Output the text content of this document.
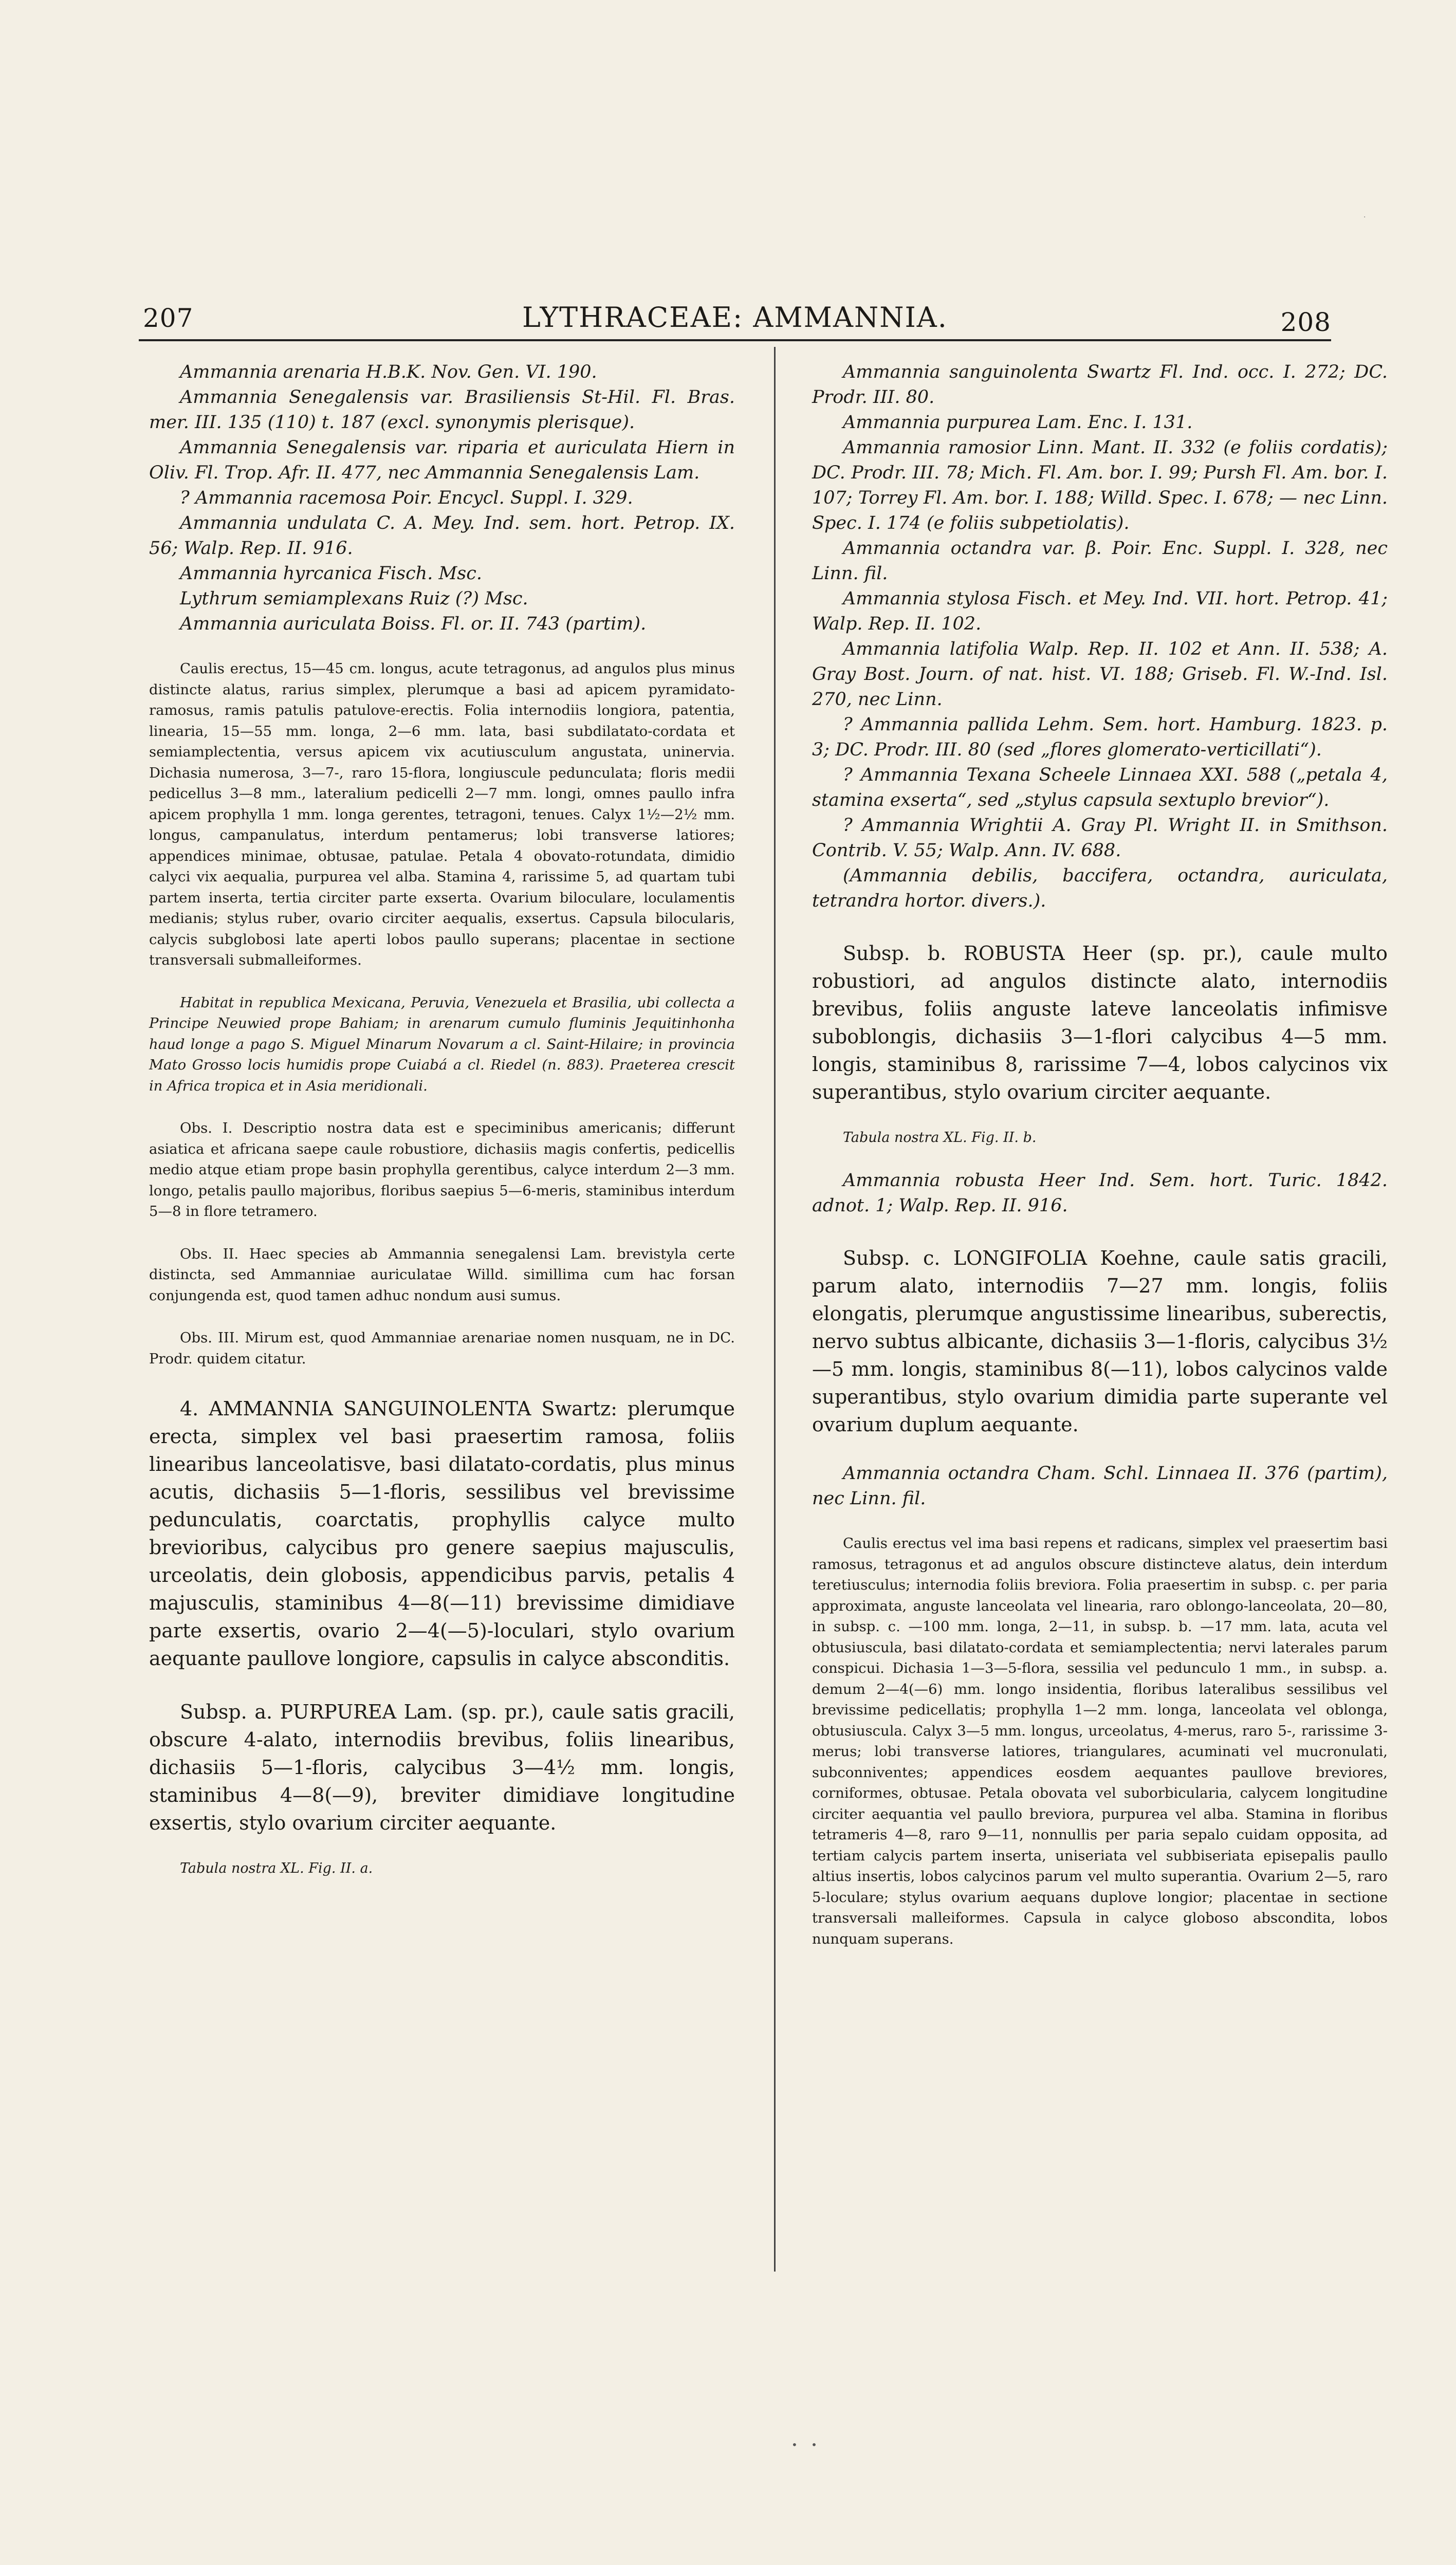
·
207	LYTHRACEAE: AMMANNIA.	208

Ammannia arenaria H.B.K. Nov. Gen. VI. 190.

Ammannia Senegalensis var. Brasiliensis St-Hil. Fl. Bras. mer. III. 135 (110) t. 187 (excl. synonymis plerisque).

Ammannia Senegalensis var. riparia et auriculata Hiern in Oliv. Fl. Trop. Afr. II. 477, nec Ammannia Senegalensis Lam.

? Ammannia racemosa Poir. Encycl. Suppl. I. 329.

Ammannia undulata C. A. Mey. Ind. sem. hort. Petrop. IX. 56; Walp. Rep. II. 916.

Ammannia hyrcanica Fisch. Msc.

Lythrum semiamplexans Ruiz (?) Msc.

Ammannia auriculata Boiss. Fl. or. II. 743 (partim).

Caulis erectus, 15—45 cm. longus, acute tetragonus, ad angulos plus minus distincte alatus, rarius simplex, plerumque a basi ad apicem pyramidato-ramosus, ramis patulis patulove-erectis. Folia internodiis longiora, patentia, linearia, 15—55 mm. longa, 2—6 mm. lata, basi subdilatato-cordata et semiamplectentia, versus apicem vix acutiusculum angustata, uninervia. Dichasia numerosa, 3—7-, raro 15-flora, longiuscule pedunculata; floris medii pedicellus 3—8 mm., lateralium pedicelli 2—7 mm. longi, omnes paullo infra apicem prophylla 1 mm. longa gerentes, tetragoni, tenues. Calyx 1½—2½ mm. longus, campanulatus, interdum pentamerus; lobi transverse latiores; appendices minimae, obtusae, patulae. Petala 4 obovato-rotundata, dimidio calyci vix aequalia, purpurea vel alba. Stamina 4, rarissime 5, ad quartam tubi partem inserta, tertia circiter parte exserta. Ovarium biloculare, loculamentis medianis; stylus ruber, ovario circiter aequalis, exsertus. Capsula bilocularis, calycis subglobosi late aperti lobos paullo superans; placentae in sectione transversali submalleiformes.

Habitat in republica Mexicana, Peruvia, Venezuela et Brasilia, ubi collecta a Principe Neuwied prope Bahiam; in arenarum cumulo fluminis Jequitinhonha haud longe a pago S. Miguel Minarum Novarum a cl. Saint-Hilaire; in provincia Mato Grosso locis humidis prope Cuiabá a cl. Riedel (n. 883). Praeterea crescit in Africa tropica et in Asia meridionali.

Obs. I. Descriptio nostra data est e speciminibus americanis; differunt asiatica et africana saepe caule robustiore, dichasiis magis confertis, pedicellis medio atque etiam prope basin prophylla gerentibus, calyce interdum 2—3 mm. longo, petalis paullo majoribus, floribus saepius 5—6-meris, staminibus interdum 5—8 in flore tetramero.

Obs. II. Haec species ab Ammannia senegalensi Lam. brevistyla certe distincta, sed Ammanniae auriculatae Willd. simillima cum hac forsan conjungenda est, quod tamen adhuc nondum ausi sumus.

Obs. III. Mirum est, quod Ammanniae arenariae nomen nusquam, ne in DC. Prodr. quidem citatur.

4. AMMANNIA SANGUINOLENTA Swartz: plerumque erecta, simplex vel basi praesertim ramosa, foliis linearibus lanceolatisve, basi dilatato-cordatis, plus minus acutis, dichasiis 5—1-floris, sessilibus vel brevissime pedunculatis, coarctatis, prophyllis calyce multo brevioribus, calycibus pro genere saepius majusculis, urceolatis, dein globosis, appendicibus parvis, petalis 4 majusculis, staminibus 4—8(—11) brevissime dimidiave parte exsertis, ovario 2—4(—5)-loculari, stylo ovarium aequante paullove longiore, capsulis in calyce absconditis.

Subsp. a. PURPUREA Lam. (sp. pr.), caule satis gracili, obscure 4-alato, internodiis brevibus, foliis linearibus, dichasiis 5—1-floris, calycibus 3—4½ mm. longis, staminibus 4—8(—9), breviter dimidiave longitudine exsertis, stylo ovarium circiter aequante.

Tabula nostra XL. Fig. II. a.

Ammannia sanguinolenta Swartz Fl. Ind. occ. I. 272; DC. Prodr. III. 80.

Ammannia purpurea Lam. Enc. I. 131.

Ammannia ramosior Linn. Mant. II. 332 (e foliis cordatis); DC. Prodr. III. 78; Mich. Fl. Am. bor. I. 99; Pursh Fl. Am. bor. I. 107; Torrey Fl. Am. bor. I. 188; Willd. Spec. I. 678; — nec Linn. Spec. I. 174 (e foliis subpetiolatis).

Ammannia octandra var. β. Poir. Enc. Suppl. I. 328, nec Linn. fil.

Ammannia stylosa Fisch. et Mey. Ind. VII. hort. Petrop. 41; Walp. Rep. II. 102.

Ammannia latifolia Walp. Rep. II. 102 et Ann. II. 538; A. Gray Bost. Journ. of nat. hist. VI. 188; Griseb. Fl. W.-Ind. Isl. 270, nec Linn.

? Ammannia pallida Lehm. Sem. hort. Hamburg. 1823. p. 3; DC. Prodr. III. 80 (sed „flores glomerato-verticillati“).

? Ammannia Texana Scheele Linnaea XXI. 588 („petala 4, stamina exserta“, sed „stylus capsula sextuplo brevior“).

? Ammannia Wrightii A. Gray Pl. Wright II. in Smithson. Contrib. V. 55; Walp. Ann. IV. 688.

(Ammannia debilis, baccifera, octandra, auriculata, tetrandra hortor. divers.).

Subsp. b. ROBUSTA Heer (sp. pr.), caule multo robustiori, ad angulos distincte alato, internodiis brevibus, foliis anguste lateve lanceolatis infimisve suboblongis, dichasiis 3—1-flori calycibus 4—5 mm. longis, staminibus 8, rarissime 7—4, lobos calycinos vix superantibus, stylo ovarium circiter aequante.

Tabula nostra XL. Fig. II. b.

Ammannia robusta Heer Ind. Sem. hort. Turic. 1842. adnot. 1; Walp. Rep. II. 916.

Subsp. c. LONGIFOLIA Koehne, caule satis gracili, parum alato, internodiis 7—27 mm. longis, foliis elongatis, plerumque angustissime linearibus, suberectis, nervo subtus albicante, dichasiis 3—1-floris, calycibus 3½—5 mm. longis, staminibus 8(—11), lobos calycinos valde superantibus, stylo ovarium dimidia parte superante vel ovarium duplum aequante.

Ammannia octandra Cham. Schl. Linnaea II. 376 (partim), nec Linn. fil.

Caulis erectus vel ima basi repens et radicans, simplex vel praesertim basi ramosus, tetragonus et ad angulos obscure distincteve alatus, dein interdum teretiusculus; internodia foliis breviora. Folia praesertim in subsp. c. per paria approximata, anguste lanceolata vel linearia, raro oblongo-lanceolata, 20—80, in subsp. c. —100 mm. longa, 2—11, in subsp. b. —17 mm. lata, acuta vel obtusiuscula, basi dilatato-cordata et semiamplectentia; nervi laterales parum conspicui. Dichasia 1—3—5-flora, sessilia vel pedunculo 1 mm., in subsp. a. demum 2—4(—6) mm. longo insidentia, floribus lateralibus sessilibus vel brevissime pedicellatis; prophylla 1—2 mm. longa, lanceolata vel oblonga, obtusiuscula. Calyx 3—5 mm. longus, urceolatus, 4-merus, raro 5-, rarissime 3-merus; lobi transverse latiores, triangulares, acuminati vel mucronulati, subconniventes; appendices eosdem aequantes paullove breviores, corniformes, obtusae. Petala obovata vel suborbicularia, calycem longitudine circiter aequantia vel paullo breviora, purpurea vel alba. Stamina in floribus tetrameris 4—8, raro 9—11, nonnullis per paria sepalo cuidam opposita, ad tertiam calycis partem inserta, uniseriata vel subbiseriata episepalis paullo altius insertis, lobos calycinos parum vel multo superantia. Ovarium 2—5, raro 5-loculare; stylus ovarium aequans duplove longior; placentae in sectione transversali malleiformes. Capsula in calyce globoso abscondita, lobos nunquam superans.

• •
